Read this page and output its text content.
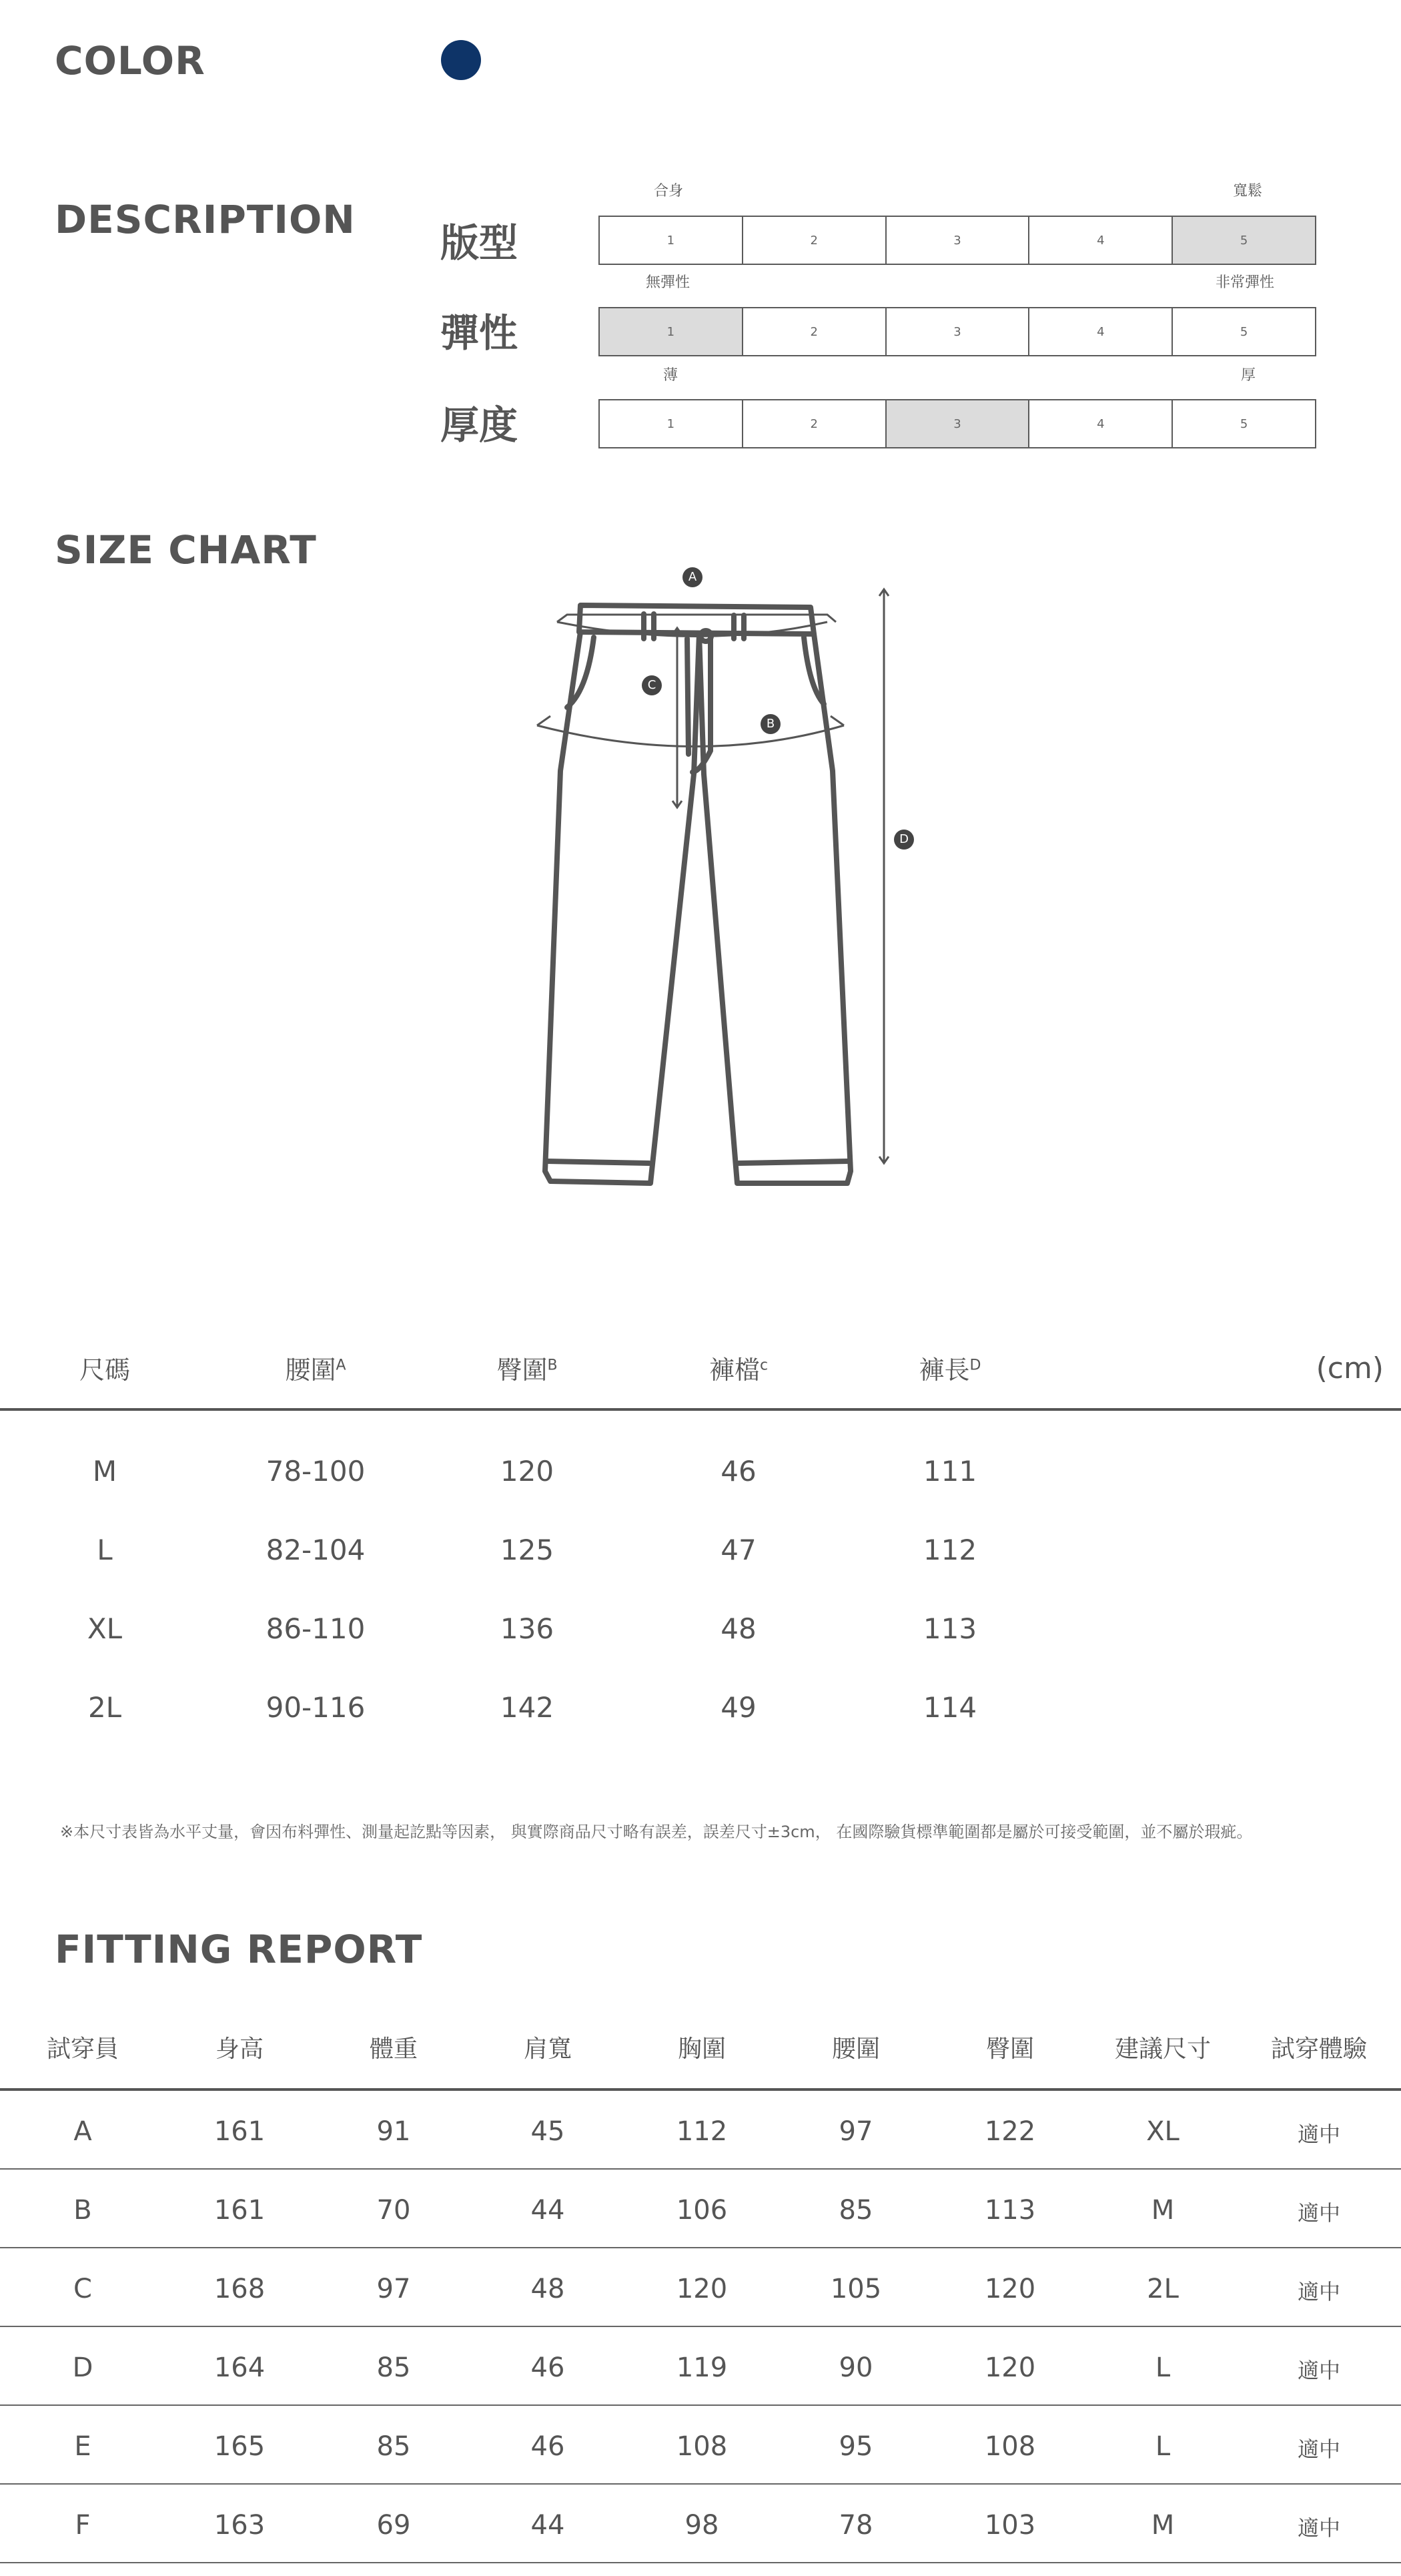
COLOR
DESCRIPTION
合身	寬鬆
版型	1	2	3	4	5
無彈性	非常彈性
彈性	1	2	3	4	5
薄	厚
厚度	1	2	3	4	5
SIZE CHART
A
B
C
D
尺碼	腰圍$^A$	臀圍$^B$	褲檔$^c$	褲長$^D$	(cm)
M	78-100	120	46	111
L	82-104	125	47	112
XL	86-110	136	48	113
2L	90-116	142	49	114
※本尺寸表皆為水平丈量，會因布料彈性、測量起訖點等因素， 與實際商品尺寸略有誤差，誤差尺寸±3cm， 在國際驗貨標準範圍都是屬於可接受範圍，並不屬於瑕疵。
FITTING REPORT
試穿員	身高	體重	肩寬	胸圍	腰圍	臀圍	建議尺寸	試穿體驗
A	161	91	45	112	97	122	XL	適中
B	161	70	44	106	85	113	M	適中
C	168	97	48	120	105	120	2L	適中
D	164	85	46	119	90	120	L	適中
E	165	85	46	108	95	108	L	適中
F	163	69	44	98	78	103	M	適中
